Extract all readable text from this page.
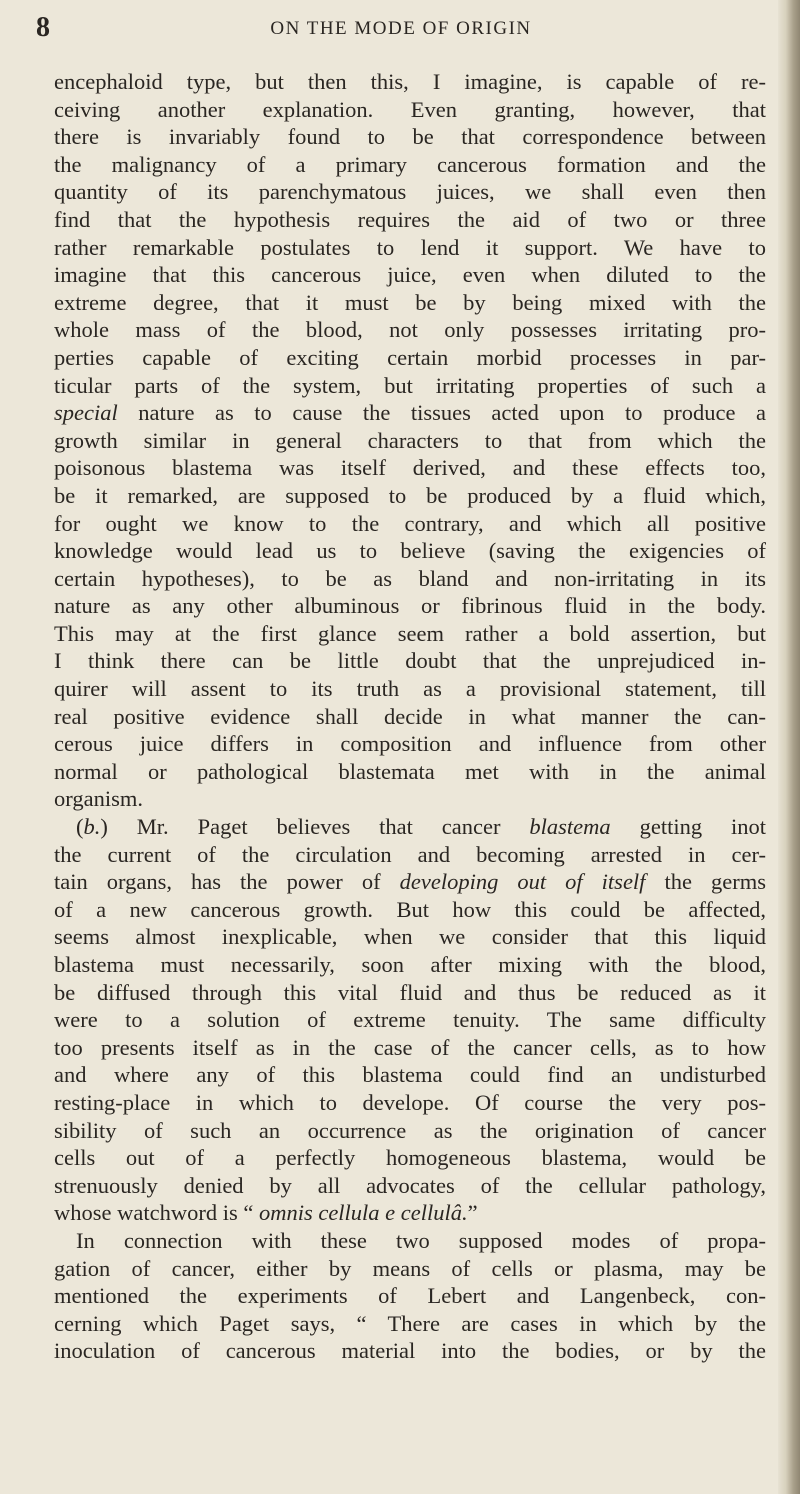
8	ON THE MODE OF ORIGIN
encephaloid type, but then this, I imagine, is capable of re-
ceiving another explanation. Even granting, however, that
there is invariably found to be that correspondence between
the malignancy of a primary cancerous formation and the
quantity of its parenchymatous juices, we shall even then
find that the hypothesis requires the aid of two or three
rather remarkable postulates to lend it support. We have to
imagine that this cancerous juice, even when diluted to the
extreme degree, that it must be by being mixed with the
whole mass of the blood, not only possesses irritating pro-
perties capable of exciting certain morbid processes in par-
ticular parts of the system, but irritating properties of such a
special nature as to cause the tissues acted upon to produce a
growth similar in general characters to that from which the
poisonous blastema was itself derived, and these effects too,
be it remarked, are supposed to be produced by a fluid which,
for ought we know to the contrary, and which all positive
knowledge would lead us to believe (saving the exigencies of
certain hypotheses), to be as bland and non-irritating in its
nature as any other albuminous or fibrinous fluid in the body.
This may at the first glance seem rather a bold assertion, but
I think there can be little doubt that the unprejudiced in-
quirer will assent to its truth as a provisional statement, till
real positive evidence shall decide in what manner the can-
cerous juice differs in composition and influence from other
normal or pathological blastemata met with in the animal
organism.
(b.) Mr. Paget believes that cancer blastema getting inot
the current of the circulation and becoming arrested in cer-
tain organs, has the power of developing out of itself the germs
of a new cancerous growth. But how this could be affected,
seems almost inexplicable, when we consider that this liquid
blastema must necessarily, soon after mixing with the blood,
be diffused through this vital fluid and thus be reduced as it
were to a solution of extreme tenuity. The same difficulty
too presents itself as in the case of the cancer cells, as to how
and where any of this blastema could find an undisturbed
resting-place in which to develope. Of course the very pos-
sibility of such an occurrence as the origination of cancer
cells out of a perfectly homogeneous blastema, would be
strenuously denied by all advocates of the cellular pathology,
whose watchword is “ omnis cellula e cellulâ.”
In connection with these two supposed modes of propa-
gation of cancer, either by means of cells or plasma, may be
mentioned the experiments of Lebert and Langenbeck, con-
cerning which Paget says, “ There are cases in which by the
inoculation of cancerous material into the bodies, or by the
